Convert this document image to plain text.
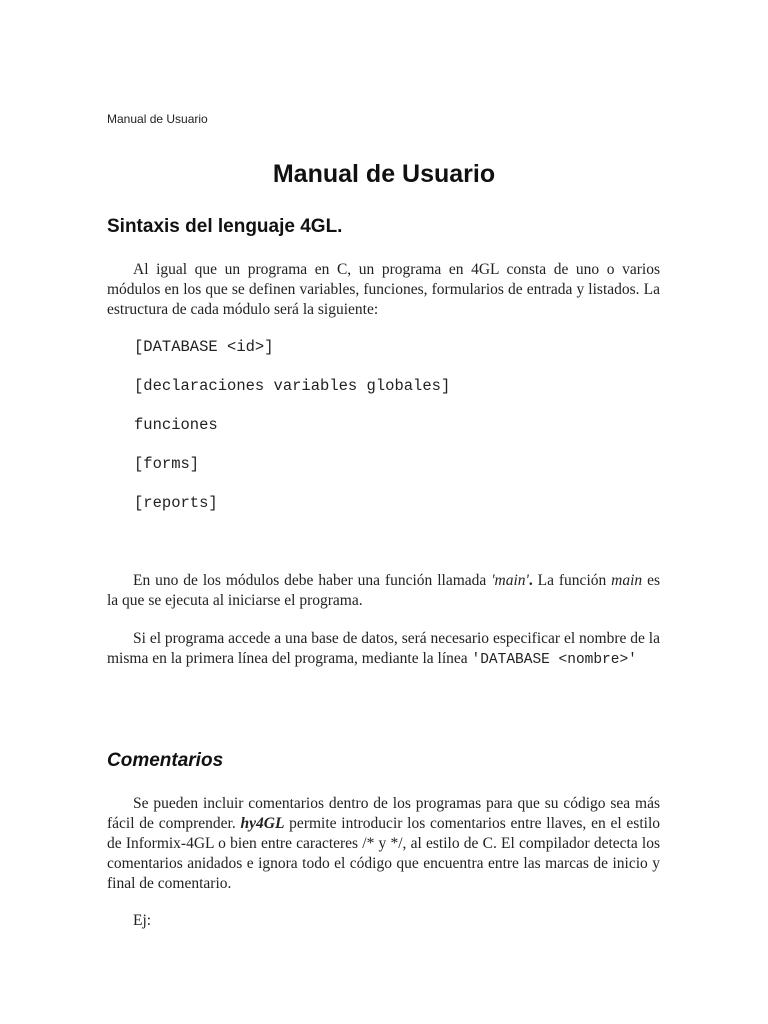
Manual de Usuario
Manual de Usuario
Sintaxis del lenguaje 4GL.

Al igual que un programa en C, un programa en 4GL consta de uno o varios módulos en los que se definen variables, funciones, formularios de entrada y listados. La estructura de cada módulo será la siguiente:

[DATABASE <id>]
[declaraciones variables globales]
funciones
[forms]
[reports]

En uno de los módulos debe haber una función llamada 'main'. La función main es la que se ejecuta al iniciarse el programa.

Si el programa accede a una base de datos, será necesario especificar el nombre de la misma en la primera línea del programa, mediante la línea 'DATABASE <nombre>'

Comentarios

Se pueden incluir comentarios dentro de los programas para que su código sea más fácil de comprender. hy4GL permite introducir los comentarios entre llaves, en el estilo de Informix-4GL o bien entre caracteres /* y */, al estilo de C. El compilador detecta los comentarios anidados e ignora todo el código que encuentra entre las marcas de inicio y final de comentario.

Ej:
